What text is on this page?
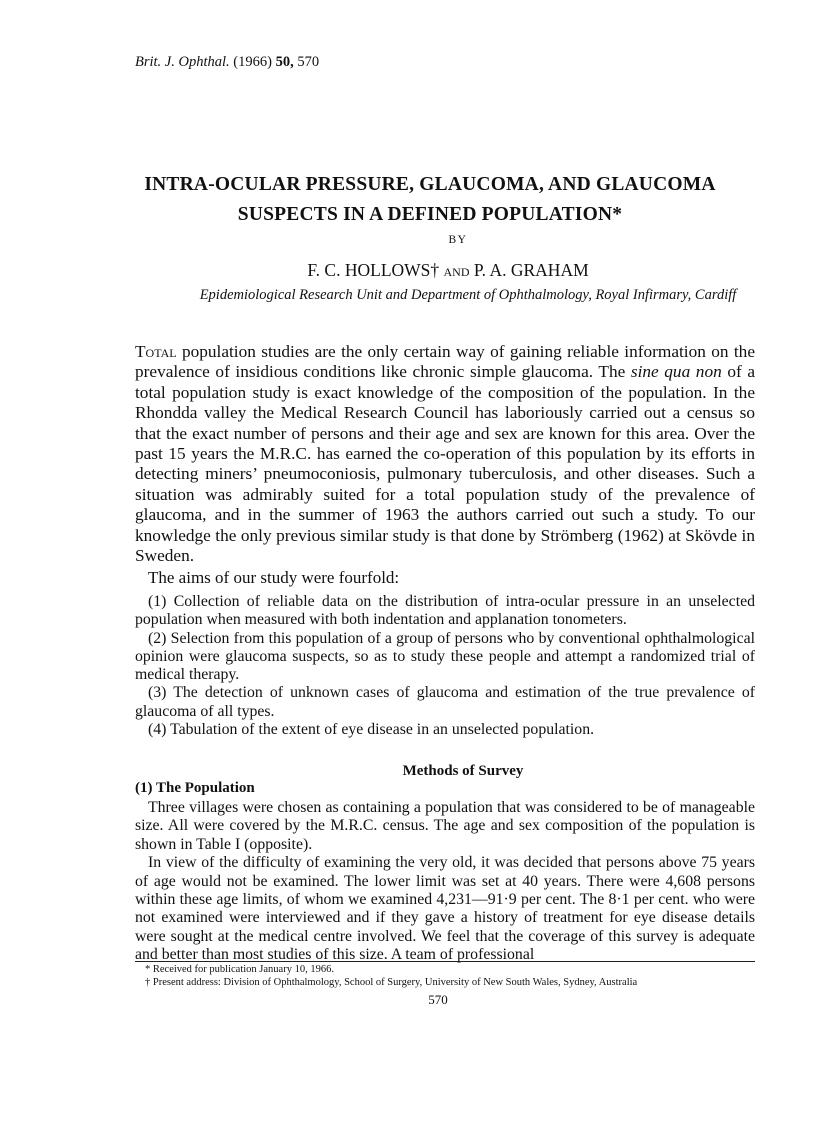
Brit. J. Ophthal. (1966) 50, 570
INTRA-OCULAR PRESSURE, GLAUCOMA, AND GLAUCOMA
SUSPECTS IN A DEFINED POPULATION*
BY
F. C. HOLLOWS† AND P. A. GRAHAM
Epidemiological Research Unit and Department of Ophthalmology, Royal Infirmary, Cardiff
Total population studies are the only certain way of gaining reliable information on the prevalence of insidious conditions like chronic simple glaucoma. The sine qua non of a total population study is exact knowledge of the composition of the population. In the Rhondda valley the Medical Research Council has laboriously carried out a census so that the exact number of persons and their age and sex are known for this area. Over the past 15 years the M.R.C. has earned the co-operation of this population by its efforts in detecting miners’ pneumoconiosis, pulmonary tuberculosis, and other diseases. Such a situation was admirably suited for a total population study of the prevalence of glaucoma, and in the summer of 1963 the authors carried out such a study. To our knowledge the only previous similar study is that done by Strömberg (1962) at Skövde in Sweden.
The aims of our study were fourfold:

(1) Collection of reliable data on the distribution of intra-ocular pressure in an unselected population when measured with both indentation and applanation tonometers.

(2) Selection from this population of a group of persons who by conventional ophthalmological opinion were glaucoma suspects, so as to study these people and attempt a randomized trial of medical therapy.

(3) The detection of unknown cases of glaucoma and estimation of the true prevalence of glaucoma of all types.

(4) Tabulation of the extent of eye disease in an unselected population.

Methods of Survey
(1) The Population

Three villages were chosen as containing a population that was considered to be of manageable size. All were covered by the M.R.C. census. The age and sex composition of the population is shown in Table I (opposite).

In view of the difficulty of examining the very old, it was decided that persons above 75 years of age would not be examined. The lower limit was set at 40 years. There were 4,608 persons within these age limits, of whom we examined 4,231—91·9 per cent. The 8·1 per cent. who were not examined were interviewed and if they gave a history of treatment for eye disease details were sought at the medical centre involved. We feel that the coverage of this survey is adequate and better than most studies of this size. A team of professional

* Received for publication January 10, 1966.
† Present address: Division of Ophthalmology, School of Surgery, University of New South Wales, Sydney, Australia
570
